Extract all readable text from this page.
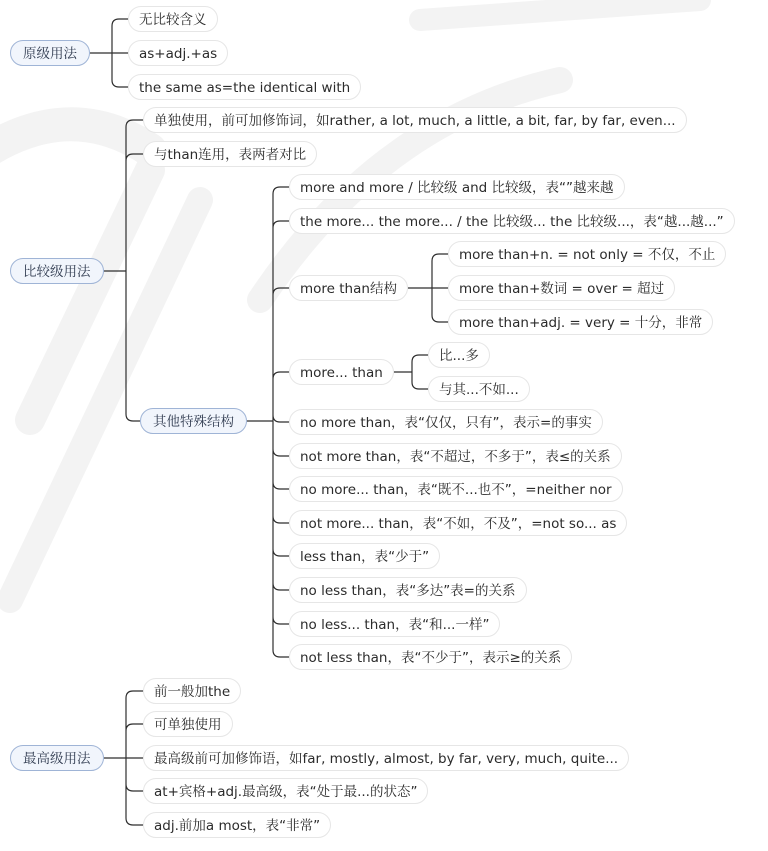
原级用法
无比较含义
as+adj.+as
the same as=the identical with
比较级用法
单独使用，前可加修饰词，如rather, a lot, much, a little, a bit, far, by far, even...
与than连用，表两者对比
其他特殊结构
more and more / 比较级 and 比较级，表“”越来越
the more... the more... / the 比较级... the 比较级...，表“越...越...”
more than结构
more than+n. = not only = 不仅，不止
more than+数词 = over = 超过
more than+adj. = very = 十分，非常
more... than
比...多
与其...不如...
no more than，表“仅仅，只有”，表示=的事实
not more than，表“不超过，不多于”，表≤的关系
no more... than，表“既不...也不”，=neither nor
not more... than，表“不如，不及”，=not so... as
less than，表“少于”
no less than，表“多达”表=的关系
no less... than，表“和...一样”
not less than，表“不少于”，表示≥的关系
最高级用法
前一般加the
可单独使用
最高级前可加修饰语，如far, mostly, almost, by far, very, much, quite...
at+宾格+adj.最高级，表“处于最...的状态”
adj.前加a most，表“非常”
